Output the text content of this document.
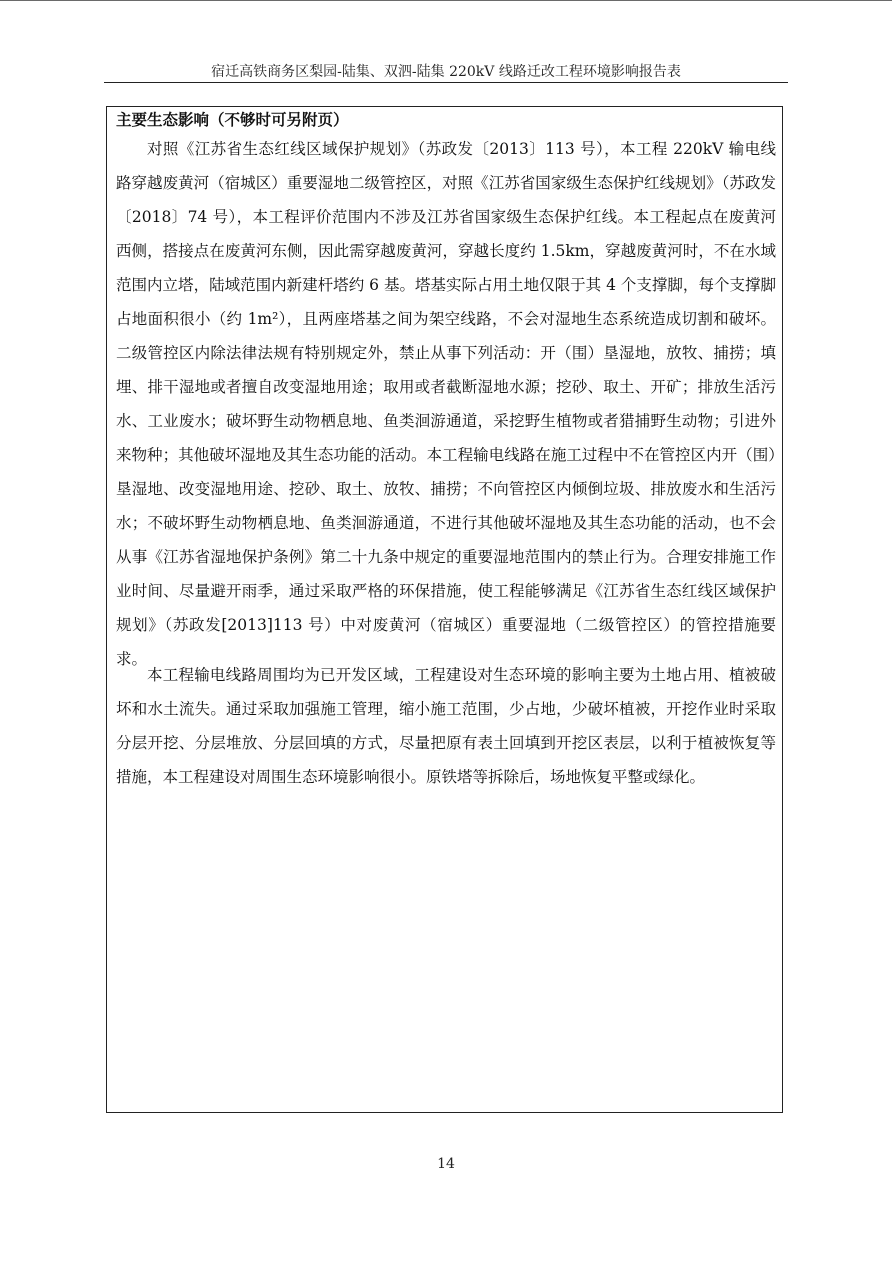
宿迁高铁商务区梨园-陆集、双泗-陆集 220kV 线路迁改工程环境影响报告表
主要生态影响（不够时可另附页）

对照《江苏省生态红线区域保护规划》（苏政发〔2013〕113 号），本工程 220kV 输电线路穿越废黄河（宿城区）重要湿地二级管控区，对照《江苏省国家级生态保护红线规划》（苏政发〔2018〕74 号），本工程评价范围内不涉及江苏省国家级生态保护红线。本工程起点在废黄河西侧，搭接点在废黄河东侧，因此需穿越废黄河，穿越长度约 1.5km，穿越废黄河时，不在水域范围内立塔，陆域范围内新建杆塔约 6 基。塔基实际占用土地仅限于其 4 个支撑脚，每个支撑脚占地面积很小（约 1m²），且两座塔基之间为架空线路，不会对湿地生态系统造成切割和破坏。二级管控区内除法律法规有特别规定外，禁止从事下列活动：开（围）垦湿地，放牧、捕捞；填埋、排干湿地或者擅自改变湿地用途；取用或者截断湿地水源；挖砂、取土、开矿；排放生活污水、工业废水；破坏野生动物栖息地、鱼类洄游通道，采挖野生植物或者猎捕野生动物；引进外来物种；其他破坏湿地及其生态功能的活动。本工程输电线路在施工过程中不在管控区内开（围）垦湿地、改变湿地用途、挖砂、取土、放牧、捕捞；不向管控区内倾倒垃圾、排放废水和生活污水；不破坏野生动物栖息地、鱼类洄游通道，不进行其他破坏湿地及其生态功能的活动，也不会从事《江苏省湿地保护条例》第二十九条中规定的重要湿地范围内的禁止行为。合理安排施工作业时间、尽量避开雨季，通过采取严格的环保措施，使工程能够满足《江苏省生态红线区域保护规划》（苏政发[2013]113 号）中对废黄河（宿城区）重要湿地（二级管控区）的管控措施要求。

本工程输电线路周围均为已开发区域，工程建设对生态环境的影响主要为土地占用、植被破坏和水土流失。通过采取加强施工管理，缩小施工范围，少占地，少破坏植被，开挖作业时采取分层开挖、分层堆放、分层回填的方式，尽量把原有表土回填到开挖区表层，以利于植被恢复等措施，本工程建设对周围生态环境影响很小。原铁塔等拆除后，场地恢复平整或绿化。

14
